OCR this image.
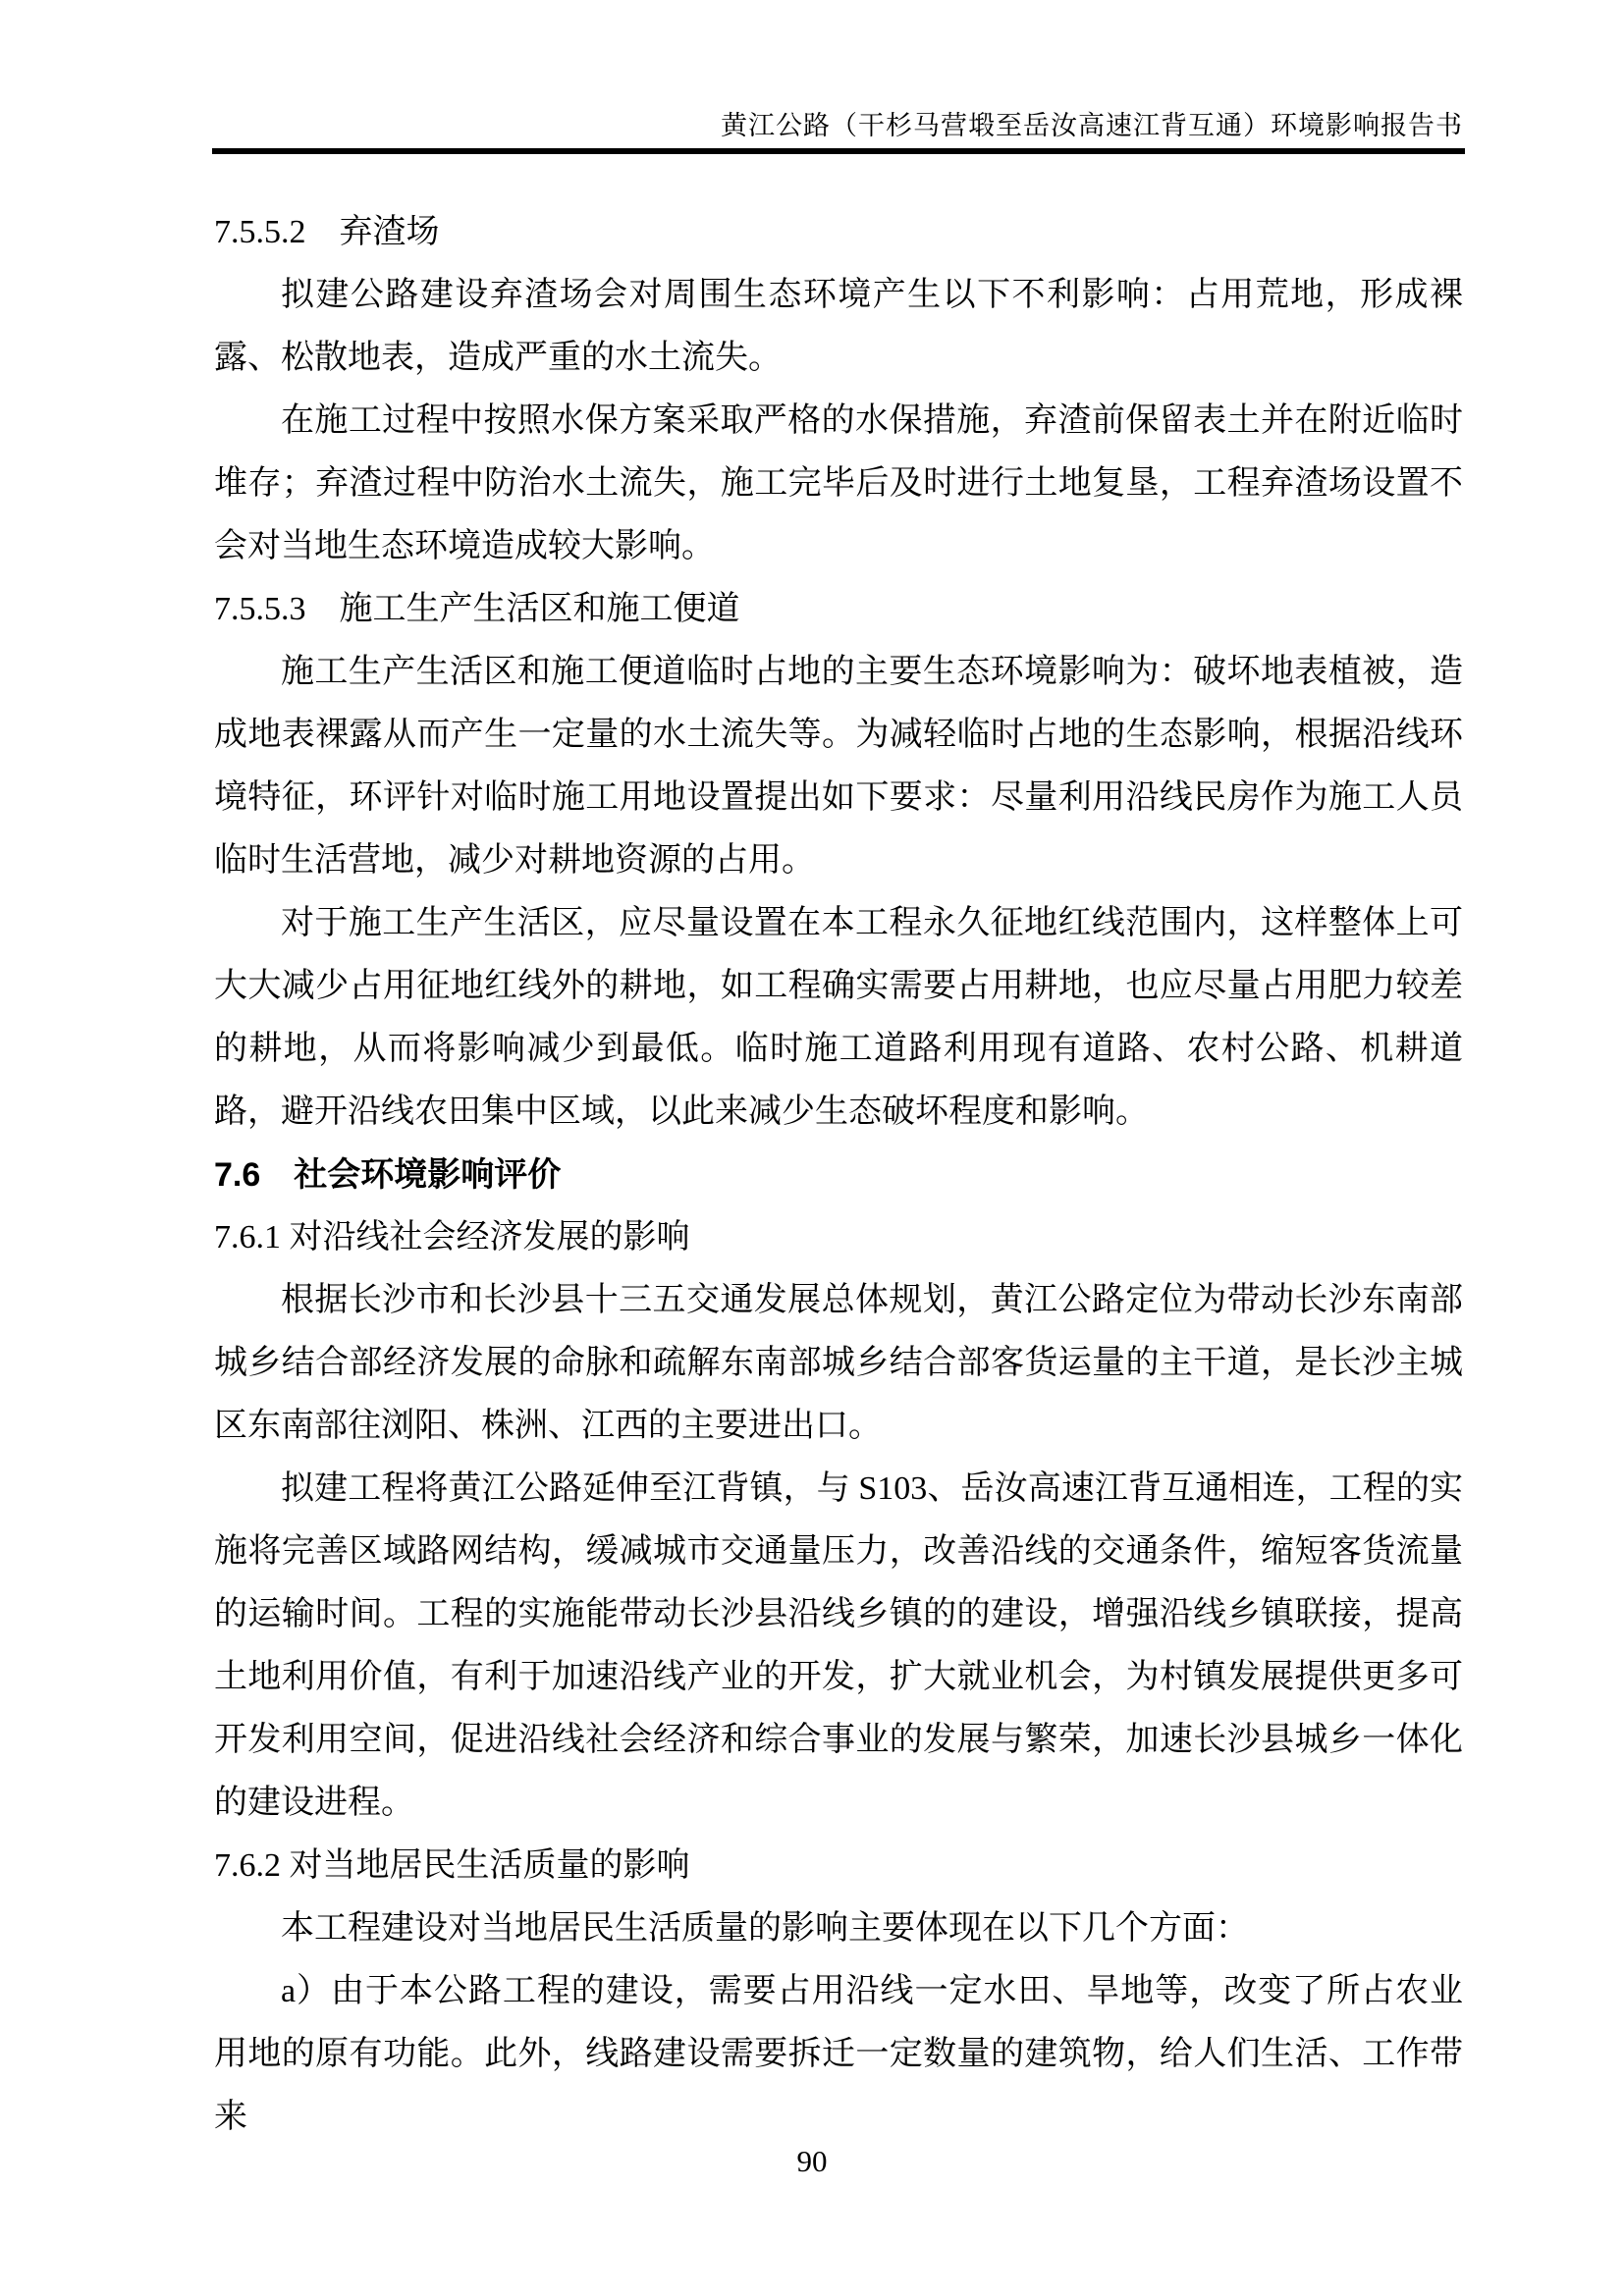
黄江公路（干杉马营塅至岳汝高速江背互通）环境影响报告书
7.5.5.2　弃渣场

拟建公路建设弃渣场会对周围生态环境产生以下不利影响：占用荒地，形成裸露、松散地表，造成严重的水土流失。

在施工过程中按照水保方案采取严格的水保措施，弃渣前保留表土并在附近临时堆存；弃渣过程中防治水土流失，施工完毕后及时进行土地复垦，工程弃渣场设置不会对当地生态环境造成较大影响。

7.5.5.3　施工生产生活区和施工便道

施工生产生活区和施工便道临时占地的主要生态环境影响为：破坏地表植被，造成地表裸露从而产生一定量的水土流失等。为减轻临时占地的生态影响，根据沿线环境特征，环评针对临时施工用地设置提出如下要求：尽量利用沿线民房作为施工人员临时生活营地，减少对耕地资源的占用。

对于施工生产生活区，应尽量设置在本工程永久征地红线范围内，这样整体上可大大减少占用征地红线外的耕地，如工程确实需要占用耕地，也应尽量占用肥力较差的耕地，从而将影响减少到最低。临时施工道路利用现有道路、农村公路、机耕道路，避开沿线农田集中区域，以此来减少生态破坏程度和影响。

7.6　社会环境影响评价
7.6.1 对沿线社会经济发展的影响

根据长沙市和长沙县十三五交通发展总体规划，黄江公路定位为带动长沙东南部城乡结合部经济发展的命脉和疏解东南部城乡结合部客货运量的主干道，是长沙主城区东南部往浏阳、株洲、江西的主要进出口。

拟建工程将黄江公路延伸至江背镇，与 S103、岳汝高速江背互通相连，工程的实施将完善区域路网结构，缓减城市交通量压力，改善沿线的交通条件，缩短客货流量的运输时间。工程的实施能带动长沙县沿线乡镇的的建设，增强沿线乡镇联接，提高土地利用价值，有利于加速沿线产业的开发，扩大就业机会，为村镇发展提供更多可开发利用空间，促进沿线社会经济和综合事业的发展与繁荣，加速长沙县城乡一体化的建设进程。

7.6.2 对当地居民生活质量的影响

本工程建设对当地居民生活质量的影响主要体现在以下几个方面：

a）由于本公路工程的建设，需要占用沿线一定水田、旱地等，改变了所占农业用地的原有功能。此外，线路建设需要拆迁一定数量的建筑物，给人们生活、工作带来

90
